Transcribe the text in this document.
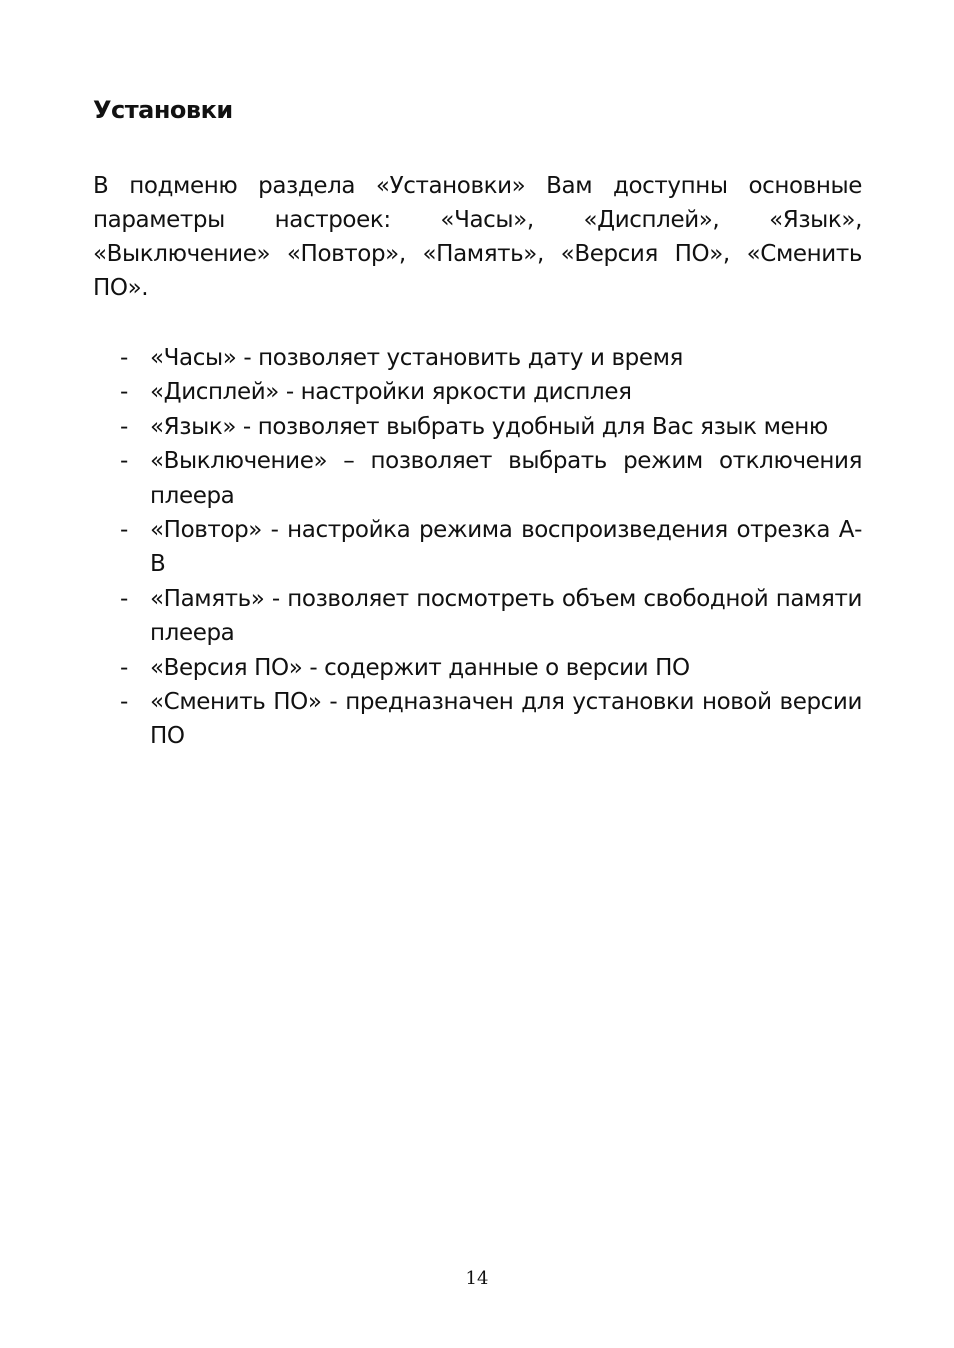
Установки

В подменю раздела «Установки» Вам доступны основные параметры настроек: «Часы», «Дисплей», «Язык», «Выключение» «Повтор», «Память», «Версия ПО», «Сменить ПО».

- «Часы» - позволяет установить дату и время
- «Дисплей» - настройки яркости дисплея
- «Язык» - позволяет выбрать удобный для Вас язык меню
- «Выключение» – позволяет выбрать режим отключения плеера
- «Повтор» - настройка режима воспроизведения отрезка А-В
- «Память» - позволяет посмотреть объем свободной памяти плеера
- «Версия ПО» - содержит данные о версии ПО
- «Сменить ПО» - предназначен для установки новой версии ПО
14
